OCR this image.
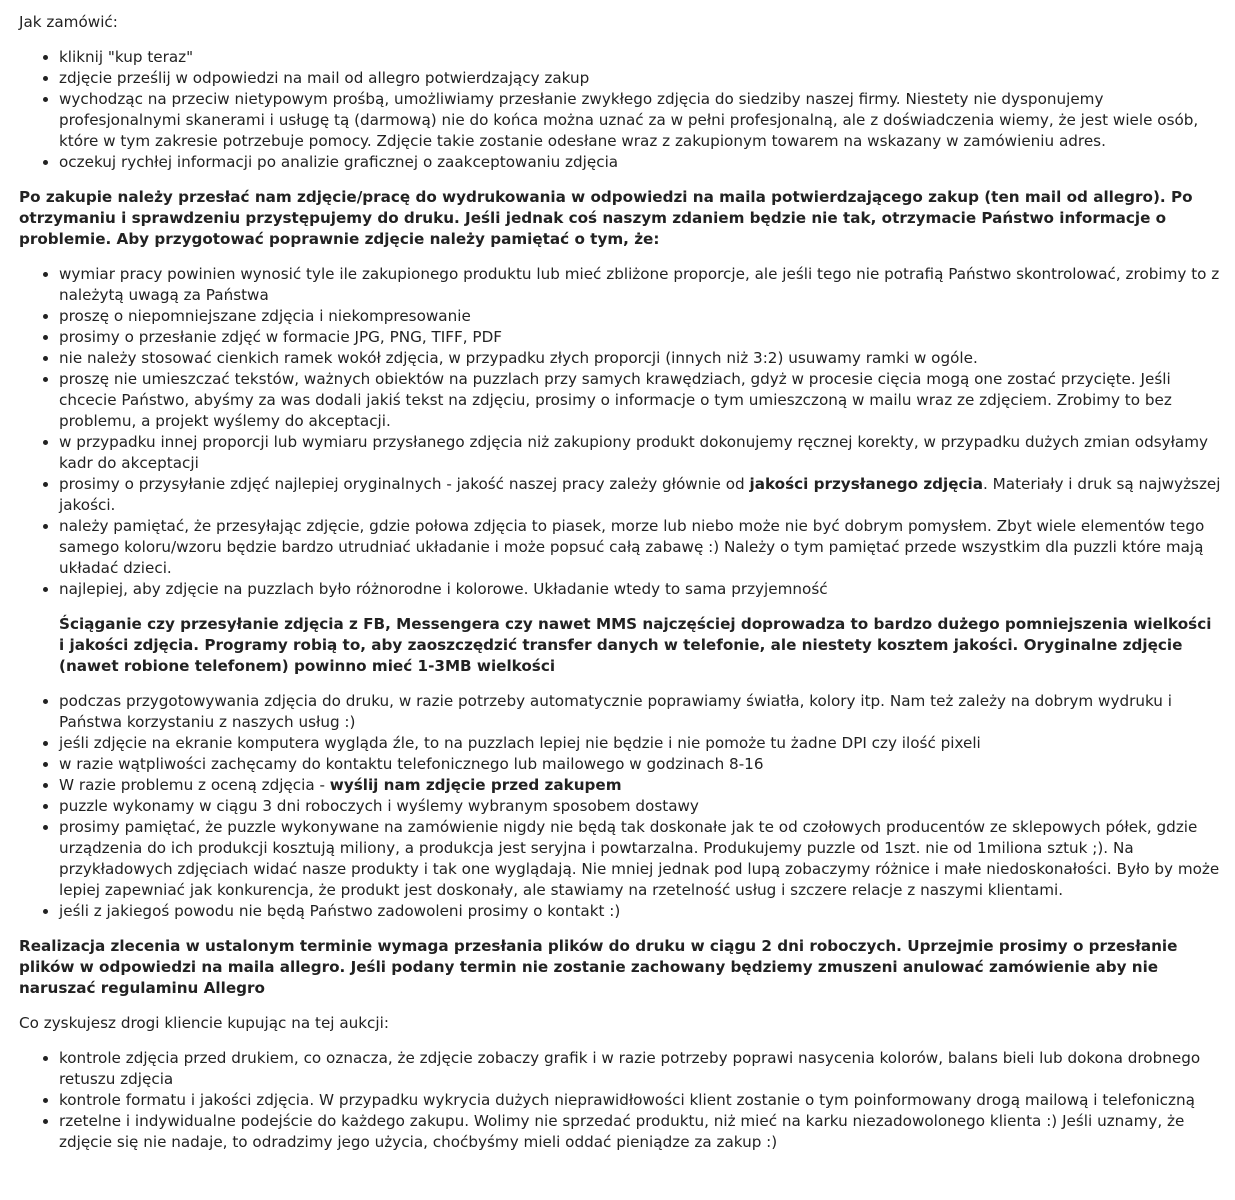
Jak zamówić:

• kliknij "kup teraz"
• zdjęcie prześlij w odpowiedzi na mail od allegro potwierdzający zakup
• wychodząc na przeciw nietypowym prośbą, umożliwiamy przesłanie zwykłego zdjęcia do siedziby naszej firmy. Niestety nie dysponujemy profesjonalnymi skanerami i usługę tą (darmową) nie do końca można uznać za w pełni profesjonalną, ale z doświadczenia wiemy, że jest wiele osób, które w tym zakresie potrzebuje pomocy. Zdjęcie takie zostanie odesłane wraz z zakupionym towarem na wskazany w zamówieniu adres.
• oczekuj rychłej informacji po analizie graficznej o zaakceptowaniu zdjęcia

Po zakupie należy przesłać nam zdjęcie/pracę do wydrukowania w odpowiedzi na maila potwierdzającego zakup (ten mail od allegro). Po otrzymaniu i sprawdzeniu przystępujemy do druku. Jeśli jednak coś naszym zdaniem będzie nie tak, otrzymacie Państwo informacje o problemie. Aby przygotować poprawnie zdjęcie należy pamiętać o tym, że:

• wymiar pracy powinien wynosić tyle ile zakupionego produktu lub mieć zbliżone proporcje, ale jeśli tego nie potrafią Państwo skontrolować, zrobimy to z należytą uwagą za Państwa
• proszę o niepomniejszane zdjęcia i niekompresowanie
• prosimy o przesłanie zdjęć w formacie JPG, PNG, TIFF, PDF
• nie należy stosować cienkich ramek wokół zdjęcia, w przypadku złych proporcji (innych niż 3:2) usuwamy ramki w ogóle.
• proszę nie umieszczać tekstów, ważnych obiektów na puzzlach przy samych krawędziach, gdyż w procesie cięcia mogą one zostać przycięte. Jeśli chcecie Państwo, abyśmy za was dodali jakiś tekst na zdjęciu, prosimy o informacje o tym umieszczoną w mailu wraz ze zdjęciem. Zrobimy to bez problemu, a projekt wyślemy do akceptacji.
• w przypadku innej proporcji lub wymiaru przysłanego zdjęcia niż zakupiony produkt dokonujemy ręcznej korekty, w przypadku dużych zmian odsyłamy kadr do akceptacji
• prosimy o przysyłanie zdjęć najlepiej oryginalnych - jakość naszej pracy zależy głównie od jakości przysłanego zdjęcia. Materiały i druk są najwyższej jakości.
• należy pamiętać, że przesyłając zdjęcie, gdzie połowa zdjęcia to piasek, morze lub niebo może nie być dobrym pomysłem. Zbyt wiele elementów tego samego koloru/wzoru będzie bardzo utrudniać układanie i może popsuć całą zabawę :) Należy o tym pamiętać przede wszystkim dla puzzli które mają układać dzieci.
• najlepiej, aby zdjęcie na puzzlach było różnorodne i kolorowe. Układanie wtedy to sama przyjemność

Ściąganie czy przesyłanie zdjęcia z FB, Messengera czy nawet MMS najczęściej doprowadza to bardzo dużego pomniejszenia wielkości i jakości zdjęcia. Programy robią to, aby zaoszczędzić transfer danych w telefonie, ale niestety kosztem jakości. Oryginalne zdjęcie (nawet robione telefonem) powinno mieć 1-3MB wielkości

• podczas przygotowywania zdjęcia do druku, w razie potrzeby automatycznie poprawiamy światła, kolory itp. Nam też zależy na dobrym wydruku i Państwa korzystaniu z naszych usług :)
• jeśli zdjęcie na ekranie komputera wygląda źle, to na puzzlach lepiej nie będzie i nie pomoże tu żadne DPI czy ilość pixeli
• w razie wątpliwości zachęcamy do kontaktu telefonicznego lub mailowego w godzinach 8-16
• W razie problemu z oceną zdjęcia - wyślij nam zdjęcie przed zakupem
• puzzle wykonamy w ciągu 3 dni roboczych i wyślemy wybranym sposobem dostawy
• prosimy pamiętać, że puzzle wykonywane na zamówienie nigdy nie będą tak doskonałe jak te od czołowych producentów ze sklepowych półek, gdzie urządzenia do ich produkcji kosztują miliony, a produkcja jest seryjna i powtarzalna. Produkujemy puzzle od 1szt. nie od 1miliona sztuk ;). Na przykładowych zdjęciach widać nasze produkty i tak one wyglądają. Nie mniej jednak pod lupą zobaczymy różnice i małe niedoskonałości. Było by może lepiej zapewniać jak konkurencja, że produkt jest doskonały, ale stawiamy na rzetelność usług i szczere relacje z naszymi klientami.
• jeśli z jakiegoś powodu nie będą Państwo zadowoleni prosimy o kontakt :)

Realizacja zlecenia w ustalonym terminie wymaga przesłania plików do druku w ciągu 2 dni roboczych. Uprzejmie prosimy o przesłanie plików w odpowiedzi na maila allegro. Jeśli podany termin nie zostanie zachowany będziemy zmuszeni anulować zamówienie aby nie naruszać regulaminu Allegro

Co zyskujesz drogi kliencie kupując na tej aukcji:

• kontrole zdjęcia przed drukiem, co oznacza, że zdjęcie zobaczy grafik i w razie potrzeby poprawi nasycenia kolorów, balans bieli lub dokona drobnego retuszu zdjęcia
• kontrole formatu i jakości zdjęcia. W przypadku wykrycia dużych nieprawidłowości klient zostanie o tym poinformowany drogą mailową i telefoniczną
• rzetelne i indywidualne podejście do każdego zakupu. Wolimy nie sprzedać produktu, niż mieć na karku niezadowolonego klienta :) Jeśli uznamy, że zdjęcie się nie nadaje, to odradzimy jego użycia, choćbyśmy mieli oddać pieniądze za zakup :)
